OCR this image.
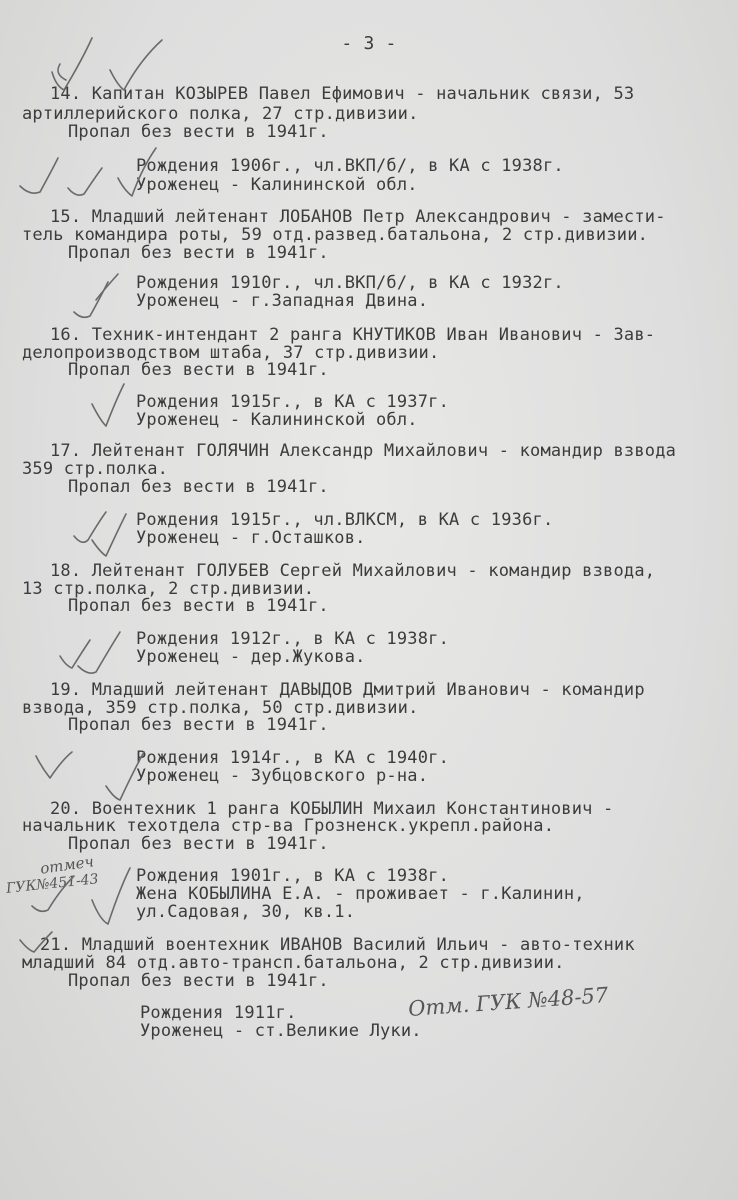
- 3 -
14. Капитан КОЗЫРЕВ Павел Ефимович - начальник связи, 53
артиллерийского полка, 27 стр.дивизии.
Пропал без вести в 1941г.
Рождения 1906г., чл.ВКП/б/, в КА с 1938г.
Уроженец - Калининской обл.
15. Младший лейтенант ЛОБАНОВ Петр Александрович - замести-
тель командира роты, 59 отд.развед.батальона, 2 стр.дивизии.
Пропал без вести в 1941г.
Рождения 1910г., чл.ВКП/б/, в КА с 1932г.
Уроженец - г.Западная Двина.
16. Техник-интендант 2 ранга КНУТИКОВ Иван Иванович - Зав-
делопроизводством штаба, 37 стр.дивизии.
Пропал без вести в 1941г.
Рождения 1915г., в КА с 1937г.
Уроженец - Калининской обл.
17. Лейтенант ГОЛЯЧИН Александр Михайлович - командир взвода
359 стр.полка.
Пропал без вести в 1941г.
Рождения 1915г., чл.ВЛКСМ, в КА с 1936г.
Уроженец - г.Осташков.
18. Лейтенант ГОЛУБЕВ Сергей Михайлович - командир взвода,
13 стр.полка, 2 стр.дивизии.
Пропал без вести в 1941г.
Рождения 1912г., в КА с 1938г.
Уроженец - дер.Жукова.
19. Младший лейтенант ДАВЫДОВ Дмитрий Иванович - командир
взвода, 359 стр.полка, 50 стр.дивизии.
Пропал без вести в 1941г.
Рождения 1914г., в КА с 1940г.
Уроженец - Зубцовского р-на.
20. Воентехник 1 ранга КОБЫЛИН Михаил Константинович -
начальник техотдела стр-ва Грозненск.укрепл.района.
Пропал без вести в 1941г.
Рождения 1901г., в КА с 1938г.
Жена КОБЫЛИНА Е.А. - проживает - г.Калинин,
ул.Садовая, 30, кв.1.
21. Младший воентехник ИВАНОВ Василий Ильич - авто-техник
младший 84 отд.авто-трансп.батальона, 2 стр.дивизии.
Пропал без вести в 1941г.
Рождения 1911г.
Уроженец - ст.Великие Луки.
отмеч
ГУК№451-43
Отм. ГУК №48-57
